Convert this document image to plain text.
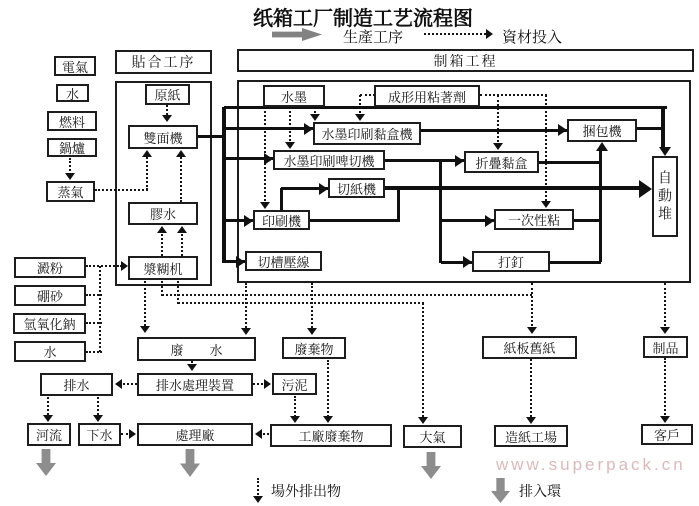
纸箱工厂制造工艺流程图
生產工序	資材投入
場外排出物	排入環
www.superpack.cn
電氣
水
燃料
鍋爐
蒸氣
澱粉
硼砂
氫氧化鈉
水
貼合工序
原紙
雙面機
膠水
漿糊机
制箱工程
水墨	成形用粘著劑
水墨印刷黏盒機
水墨印刷啤切機
切紙機
印刷機
切槽壓線
折疊黏盒
一次性粘
打釘
捆包機
自動堆
廢　　水	廢棄物	紙板舊紙	制品
排水	排水處理裝置	污泥
河流 下水	處理廠	工廠廢棄物	大氣	造紙工場	客戶
